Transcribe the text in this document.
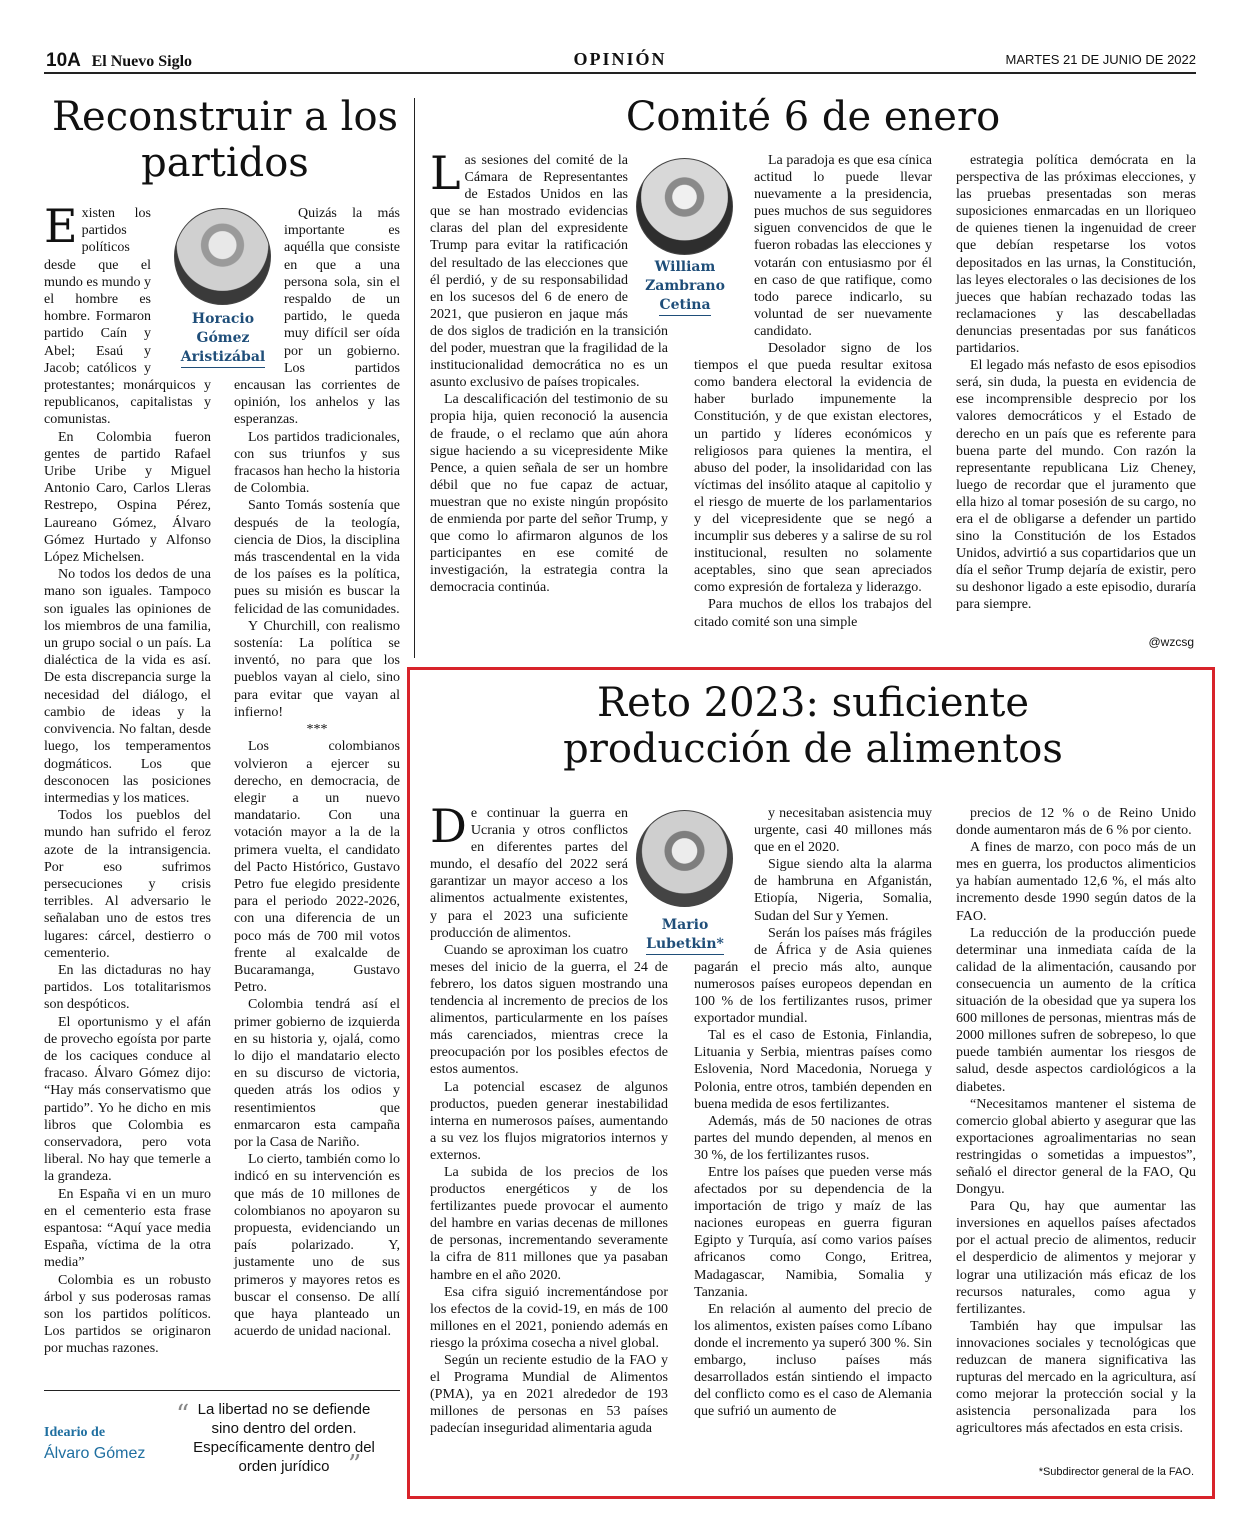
10A El Nuevo Siglo	OPINIÓN	MARTES 21 DE JUNIO DE 2022
Reconstruir a los partidos
Horacio
Gómez
Aristizábal

Existen los partidos políticos desde que el mundo es mundo y el hombre es hombre. Formaron partido Caín y Abel; Esaú y Jacob; católicos y protestantes; monárquicos y republicanos, capitalistas y comunistas.

En Colombia fueron gentes de partido Rafael Uribe Uribe y Miguel Antonio Caro, Carlos Lleras Restrepo, Ospina Pérez, Laureano Gómez, Álvaro Gómez Hurtado y Alfonso López Michelsen.

No todos los dedos de una mano son iguales. Tampoco son iguales las opiniones de los miembros de una familia, un grupo social o un país. La dialéctica de la vida es así. De esta discrepancia surge la necesidad del diálogo, el cambio de ideas y la convivencia. No faltan, desde luego, los temperamentos dogmáticos. Los que desconocen las posiciones intermedias y los matices.

Todos los pueblos del mundo han sufrido el feroz azote de la intransigencia. Por eso sufrimos persecuciones y crisis terribles. Al adversario le señalaban uno de estos tres lugares: cárcel, destierro o cementerio.

En las dictaduras no hay partidos. Los totalitarismos son despóticos.

El oportunismo y el afán de provecho egoísta por parte de los caciques conduce al fracaso. Álvaro Gómez dijo: “Hay más conservatismo que partido”. Yo he dicho en mis libros que Colombia es conservadora, pero vota liberal. No hay que temerle a la grandeza.

En España vi en un muro en el cementerio esta frase espantosa: “Aquí yace media España, víctima de la otra media”

Colombia es un robusto árbol y sus poderosas ramas son los partidos políticos. Los partidos se originaron por muchas razones.

Quizás la más importante es aquélla que consiste en que a una persona sola, sin el respaldo de un partido, le queda muy difícil ser oída por un gobierno. Los partidos encausan las corrientes de opinión, los anhelos y las esperanzas.

Los partidos tradicionales, con sus triunfos y sus fracasos han hecho la historia de Colombia.

Santo Tomás sostenía que después de la teología, ciencia de Dios, la disciplina más trascendental en la vida de los países es la política, pues su misión es buscar la felicidad de las comunidades.

Y Churchill, con realismo sostenía: La política se inventó, no para que los pueblos vayan al cielo, sino para evitar que vayan al infierno!

***

Los colombianos volvieron a ejercer su derecho, en democracia, de elegir a un nuevo mandatario. Con una votación mayor a la de la primera vuelta, el candidato del Pacto Histórico, Gustavo Petro fue elegido presidente para el periodo 2022-2026, con una diferencia de un poco más de 700 mil votos frente al exalcalde de Bucaramanga, Gustavo Petro.

Colombia tendrá así el primer gobierno de izquierda en su historia y, ojalá, como lo dijo el mandatario electo en su discurso de victoria, queden atrás los odios y resentimientos que enmarcaron esta campaña por la Casa de Nariño.

Lo cierto, también como lo indicó en su intervención es que más de 10 millones de colombianos no apoyaron su propuesta, evidenciando un país polarizado. Y, justamente uno de sus primeros y mayores retos es buscar el consenso. De allí que haya planteado un acuerdo de unidad nacional.

Comité 6 de enero
William
Zambrano
Cetina

Las sesiones del comité de la Cámara de Representantes de Estados Unidos en las que se han mostrado evidencias claras del plan del expresidente Trump para evitar la ratificación del resultado de las elecciones que él perdió, y de su responsabilidad en los sucesos del 6 de enero de 2021, que pusieron en jaque más de dos siglos de tradición en la transición del poder, muestran que la fragilidad de la institucionalidad democrática no es un asunto exclusivo de países tropicales.

La descalificación del testimonio de su propia hija, quien reconoció la ausencia de fraude, o el reclamo que aún ahora sigue haciendo a su vicepresidente Mike Pence, a quien señala de ser un hombre débil que no fue capaz de actuar, muestran que no existe ningún propósito de enmienda por parte del señor Trump, y que como lo afirmaron algunos de los participantes en ese comité de investigación, la estrategia contra la democracia continúa.

La paradoja es que esa cínica actitud lo puede llevar nuevamente a la presidencia, pues muchos de sus seguidores siguen convencidos de que le fueron robadas las elecciones y votarán con entusiasmo por él en caso de que ratifique, como todo parece indicarlo, su voluntad de ser nuevamente candidato.

Desolador signo de los tiempos el que pueda resultar exitosa como bandera electoral la evidencia de haber burlado impunemente la Constitución, y de que existan electores, un partido y líderes económicos y religiosos para quienes la mentira, el abuso del poder, la insolidaridad con las víctimas del insólito ataque al capitolio y el riesgo de muerte de los parlamentarios y del vicepresidente que se negó a incumplir sus deberes y a salirse de su rol institucional, resulten no solamente aceptables, sino que sean apreciados como expresión de fortaleza y liderazgo.

Para muchos de ellos los trabajos del citado comité son una simple

estrategia política demócrata en la perspectiva de las próximas elecciones, y las pruebas presentadas son meras suposiciones enmarcadas en un lloriqueo de quienes tienen la ingenuidad de creer que debían respetarse los votos depositados en las urnas, la Constitución, las leyes electorales o las decisiones de los jueces que habían rechazado todas las reclamaciones y las descabelladas denuncias presentadas por sus fanáticos partidarios.

El legado más nefasto de esos episodios será, sin duda, la puesta en evidencia de ese incomprensible desprecio por los valores democráticos y el Estado de derecho en un país que es referente para buena parte del mundo. Con razón la representante republicana Liz Cheney, luego de recordar que el juramento que ella hizo al tomar posesión de su cargo, no era el de obligarse a defender un partido sino la Constitución de los Estados Unidos, advirtió a sus copartidarios que un día el señor Trump dejaría de existir, pero su deshonor ligado a este episodio, duraría para siempre.

@wzcsg
Reto 2023: suficiente
producción de alimentos
Mario
Lubetkin*

De continuar la guerra en Ucrania y otros conflictos en diferentes partes del mundo, el desafío del 2022 será garantizar un mayor acceso a los alimentos actualmente existentes, y para el 2023 una suficiente producción de alimentos.

Cuando se aproximan los cuatro meses del inicio de la guerra, el 24 de febrero, los datos siguen mostrando una tendencia al incremento de precios de los alimentos, particularmente en los países más carenciados, mientras crece la preocupación por los posibles efectos de estos aumentos.

La potencial escasez de algunos productos, pueden generar inestabilidad interna en numerosos países, aumentando a su vez los flujos migratorios internos y externos.

La subida de los precios de los productos energéticos y de los fertilizantes puede provocar el aumento del hambre en varias decenas de millones de personas, incrementando severamente la cifra de 811 millones que ya pasaban hambre en el año 2020.

Esa cifra siguió incrementándose por los efectos de la covid-19, en más de 100 millones en el 2021, poniendo además en riesgo la próxima cosecha a nivel global.

Según un reciente estudio de la FAO y el Programa Mundial de Alimentos (PMA), ya en 2021 alrededor de 193 millones de personas en 53 países padecían inseguridad alimentaria aguda

y necesitaban asistencia muy urgente, casi 40 millones más que en el 2020.

Sigue siendo alta la alarma de hambruna en Afganistán, Etiopía, Nigeria, Somalia, Sudan del Sur y Yemen.

Serán los países más frágiles de África y de Asia quienes pagarán el precio más alto, aunque numerosos países europeos dependan en 100 % de los fertilizantes rusos, primer exportador mundial.

Tal es el caso de Estonia, Finlandia, Lituania y Serbia, mientras países como Eslovenia, Nord Macedonia, Noruega y Polonia, entre otros, también dependen en buena medida de esos fertilizantes.

Además, más de 50 naciones de otras partes del mundo dependen, al menos en 30 %, de los fertilizantes rusos.

Entre los países que pueden verse más afectados por su dependencia de la importación de trigo y maíz de las naciones europeas en guerra figuran Egipto y Turquía, así como varios países africanos como Congo, Eritrea, Madagascar, Namibia, Somalia y Tanzania.

En relación al aumento del precio de los alimentos, existen países como Líbano donde el incremento ya superó 300 %. Sin embargo, incluso países más desarrollados están sintiendo el impacto del conflicto como es el caso de Alemania que sufrió un aumento de

precios de 12 % o de Reino Unido donde aumentaron más de 6 % por ciento.

A fines de marzo, con poco más de un mes en guerra, los productos alimenticios ya habían aumentado 12,6 %, el más alto incremento desde 1990 según datos de la FAO.

La reducción de la producción puede determinar una inmediata caída de la calidad de la alimentación, causando por consecuencia un aumento de la crítica situación de la obesidad que ya supera los 600 millones de personas, mientras más de 2000 millones sufren de sobrepeso, lo que puede también aumentar los riesgos de salud, desde aspectos cardiológicos a la diabetes.

“Necesitamos mantener el sistema de comercio global abierto y asegurar que las exportaciones agroalimentarias no sean restringidas o sometidas a impuestos”, señaló el director general de la FAO, Qu Dongyu.

Para Qu, hay que aumentar las inversiones en aquellos países afectados por el actual precio de alimentos, reducir el desperdicio de alimentos y mejorar y lograr una utilización más eficaz de los recursos naturales, como agua y fertilizantes.

También hay que impulsar las innovaciones sociales y tecnológicas que reduzcan de manera significativa las rupturas del mercado en la agricultura, así como mejorar la protección social y la asistencia personalizada para los agricultores más afectados en esta crisis.

*Subdirector general de la FAO.
Ideario de
Álvaro Gómez
“ La libertad no se defiende sino dentro del orden. Específicamente dentro del orden jurídico ”
